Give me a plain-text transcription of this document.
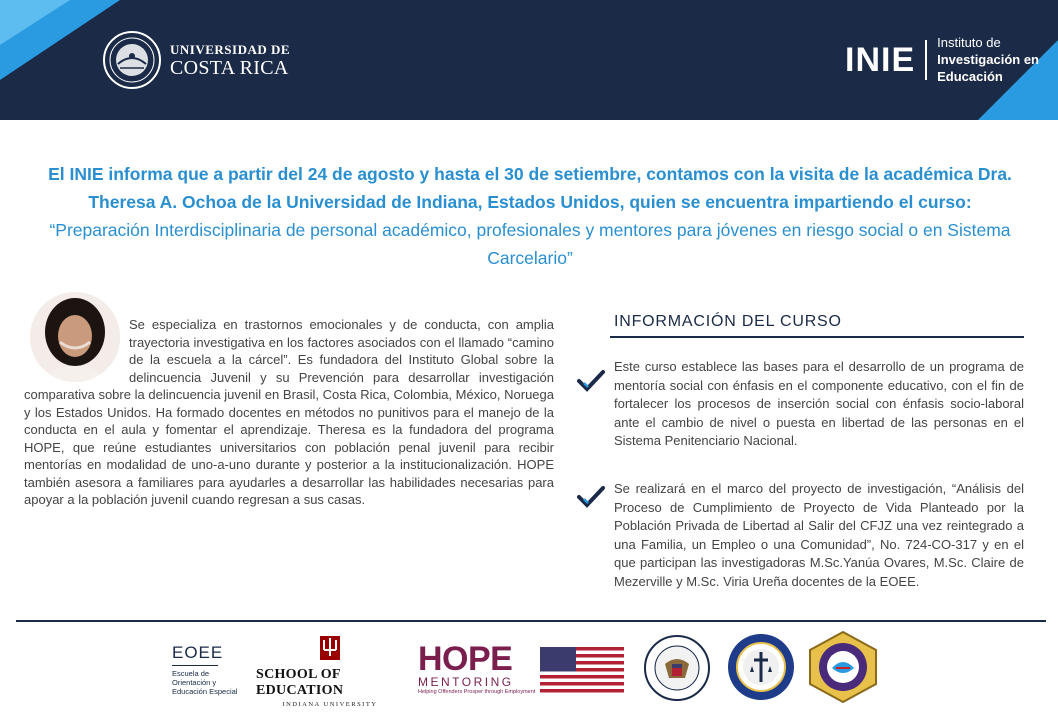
UNIVERSIDAD DE
COSTA RICA	INIE	Instituto de
Investigación en
Educación
El INIE informa que a partir del 24 de agosto y hasta el 30 de setiembre, contamos con la visita de la académica Dra. Theresa A. Ochoa de la Universidad de Indiana, Estados Unidos, quien se encuentra impartiendo el curso: “Preparación Interdisciplinaria de personal académico, profesionales y mentores para jóvenes en riesgo social o en Sistema Carcelario”
Se especializa en trastornos emocionales y de conducta, con amplia trayectoria investigativa en los factores asociados con el llamado “camino de la escuela a la cárcel”. Es fundadora del Instituto Global sobre la delincuencia Juvenil y su Prevención para desarrollar investigación comparativa sobre la delincuencia juvenil en Brasil, Costa Rica, Colombia, México, Noruega y los Estados Unidos. Ha formado docentes en métodos no punitivos para el manejo de la conducta en el aula y fomentar el aprendizaje. Theresa es la fundadora del programa HOPE, que reúne estudiantes universitarios con población penal juvenil para recibir mentorías en modalidad de uno-a-uno durante y posterior a la institucionalización. HOPE también asesora a familiares para ayudarles a desarrollar las habilidades necesarias para apoyar a la población juvenil cuando regresan a sus casas.
INFORMACIÓN DEL CURSO
Este curso establece las bases para el desarrollo de un programa de mentoría social con énfasis en el componente educativo, con el fin de fortalecer los procesos de inserción social con énfasis socio-laboral ante el cambio de nivel o puesta en libertad de las personas en el Sistema Penitenciario Nacional.
Se realizará en el marco del proyecto de investigación, “Análisis del Proceso de Cumplimiento de Proyecto de Vida Planteado por la Población Privada de Libertad al Salir del CFJZ una vez reintegrado a una Familia, un Empleo o una Comunidad”, No. 724-CO-317 y en el que participan las investigadoras M.Sc.Yanúa Ovares, M.Sc. Claire de Mezerville y M.Sc. Viria Ureña docentes de la EOEE.
EOEE
Escuela de
Orientación y
Educación Especial
SCHOOL OF EDUCATION
INDIANA UNIVERSITY
HOPE
MENTORING
Helping Offenders Prosper through Employment
